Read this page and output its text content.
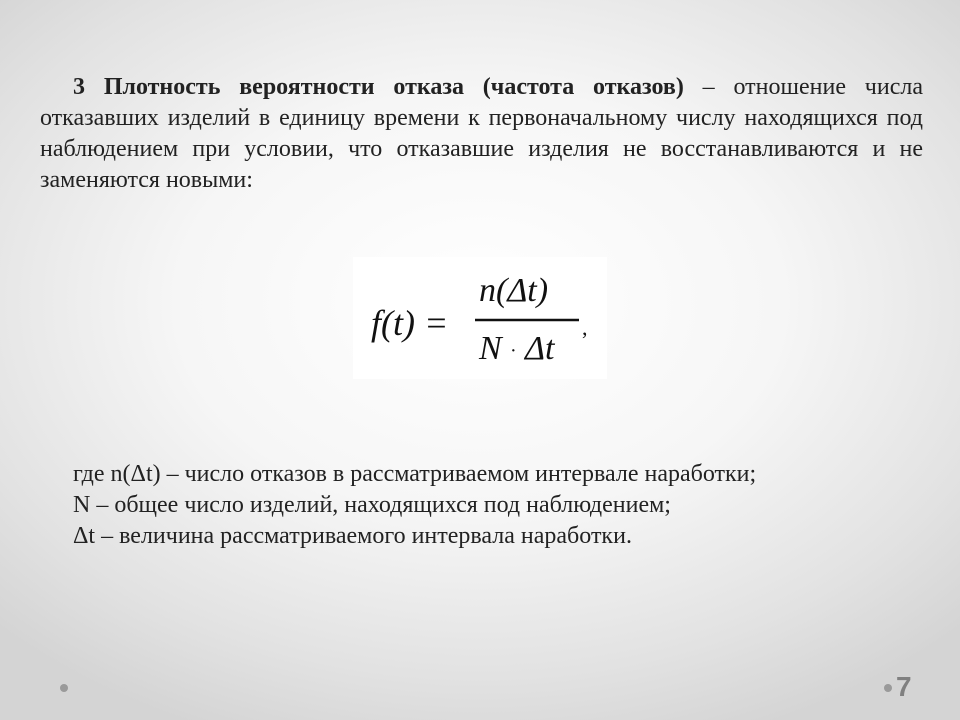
3 Плотность вероятности отказа (частота отказов) – отношение числа отказавших изделий в единицу времени к первоначальному числу находящихся под наблюдением при условии, что отказавшие изделия не восстанавливаются и не заменяются новыми:

f(t) =
n(Δt)
N · Δt
,
где n(Δt) – число отказов в рассматриваемом интервале наработки;
N – общее число изделий, находящихся под наблюдением;
Δt – величина рассматриваемого интервала наработки.
7
